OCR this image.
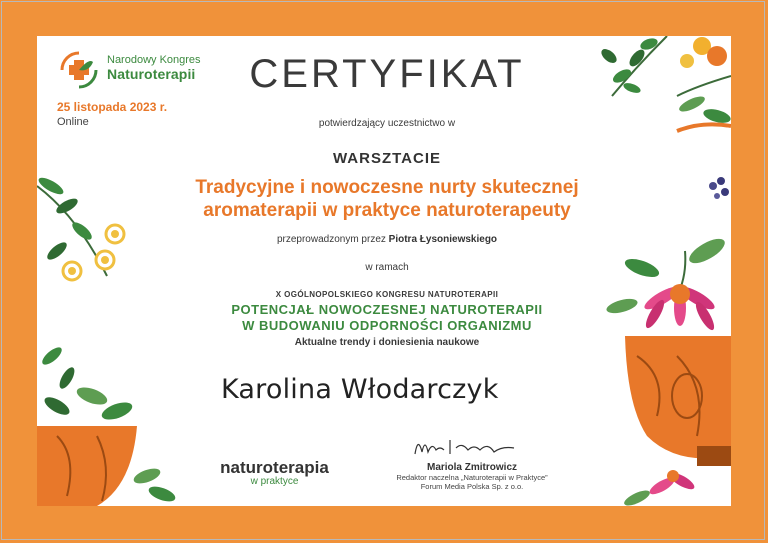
Narodowy Kongres
Naturoterapii
25 listopada 2023 r.
Online
CERTYFIKAT
potwierdzający uczestnictwo w
WARSZTACIE
Tradycyjne i nowoczesne nurty skutecznej
aromaterapii w praktyce naturoterapeuty
przeprowadzonym przez Piotra Łysoniewskiego
w ramach
X OGÓLNOPOLSKIEGO KONGRESU NATUROTERAPII
POTENCJAŁ NOWOCZESNEJ NATUROTERAPII
W BUDOWANIU ODPORNOŚCI ORGANIZMU
Aktualne trendy i doniesienia naukowe
Karolina Włodarczyk
naturoterapia
w praktyce
Mariola Zmitrowicz
Redaktor naczelna „Naturoterapii w Praktyce”
Forum Media Polska Sp. z o.o.
